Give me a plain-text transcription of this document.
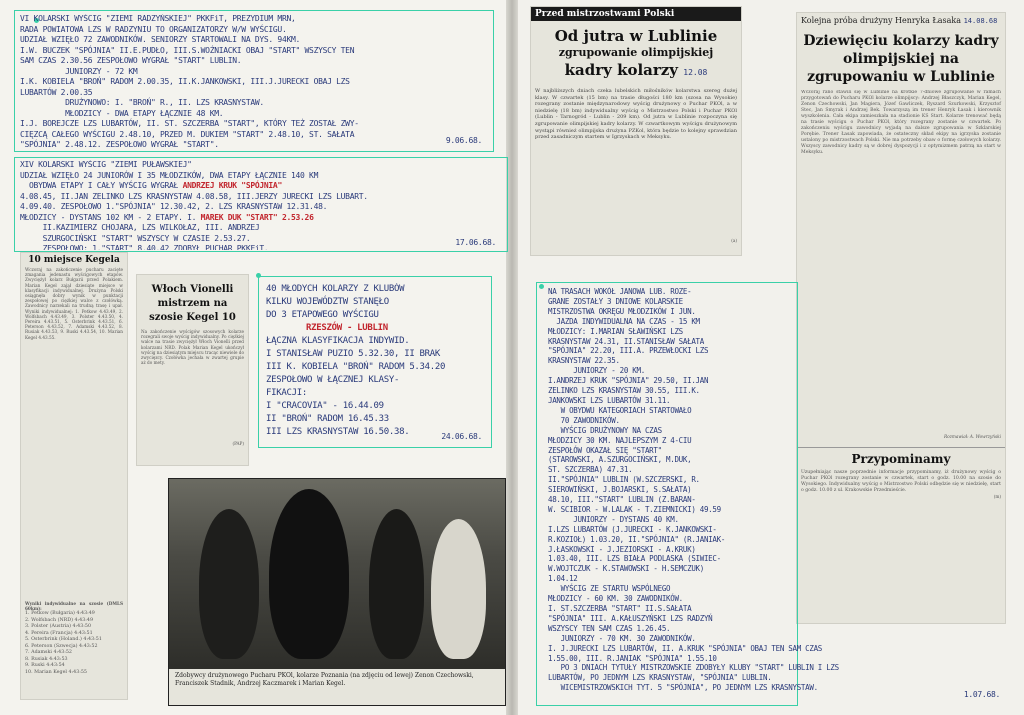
VI KOLARSKI WYŚCIG "ZIEMI RADZYŃSKIEJ" PKKFiT, PREZYDIUM MRN,
RADA POWIATOWA LZS W RADZYNIU TO ORGANIZATORZY W/W WYŚCIGU.
UDZIAŁ WZIĘŁO 72 ZAWODNIKÓW. SENIORZY STARTOWALI NA DYS. 94KM.
I.W. BUCZEK "SPÓJNIA" II.E.PUDŁO, III.S.WOŹNIACKI OBAJ "START" WSZYSCY TEN
SAM CZAS 2.30.56 ZESPOŁOWO WYGRAŁ "START" LUBLIN.
JUNIORZY - 72 KM
I.K. KOBIELA "BROŃ" RADOM 2.00.35, II.K.JANKOWSKI, III.J.JURECKI OBAJ LZS
LUBARTÓW 2.00.35
DRUŻYNOWO: I. "BROŃ" R., II. LZS KRASNYSTAW.
MŁODZICY - DWA ETAPY ŁĄCZNIE 48 KM.
I.J. BOREJCZE LZS LUBARTÓW, II. ST. SZCZERBA "START", KTÓRY TEŻ ZOSTAŁ ZWY-
CIĘZCĄ CAŁEGO WYŚCIGU 2.48.10, PRZED M. DUKIEM "START" 2.48.10, ST. SAŁATA
"SPÓJNIA" 2.48.12. ZESPOŁOWO WYGRAŁ "START".	9.06.68.
XIV KOLARSKI WYŚCIG "ZIEMI PUŁAWSKIEJ"
UDZIAŁ WZIĘŁO 24 JUNIORÓW I 35 MŁODZIKÓW, DWA ETAPY ŁĄCZNIE 140 KM
OBYDWA ETAPY I CAŁY WYŚCIG WYGRAŁ ANDRZEJ KRUK "SPÓJNIA"
4.08.45, II.JAN ZELINKO LZS KRASNYSTAW 4.08.58, III.JERZY JURECKI LZS LUBART.
4.09.40. ZESPOŁOWO 1."SPÓJNIA" 12.30.42, 2. LZS KRASNYSTAW 12.31.48.
MŁODZICY - DYSTANS 102 KM - 2 ETAPY. I. MAREK DUK "START" 2.53.26
II.KAZIMIERZ CHOJARA, LZS WILKOŁAZ, III. ANDRZEJ
SZURGOCIŃSKI "START" WSZYSCY W CZASIE 2.53.27.
ZESPOŁOWO: 1."START" 8.40.42 ZDOBYŁ PUCHAR PKKFiT.
17.06.68.
10 miejsce Kegela
Wczoraj na zakończenie pucharu zacięte zmagania jedenastu wyścigowych etapów. Zwyciężył kolarz Bułgarii przed Polakiem. Marian Kegel zajął dziesiąte miejsce w klasyfikacji indywidualnej. Drużyna Polski osiągnęła dobry wynik w punktacji zespołowej po ciężkiej walce z czołówką. Zawodnicy narzekali na trudną trasę i upał. Wyniki indywidualnej: 1. Petkow 4.43.49, 2. Wolfsbach 4.43.49, 3. Polster 4.43.50, 4. Pereira 4.43.51, 5. Osterbrink 4.43.51, 6. Peterson 4.43.52, 7. Adamski 4.43.52, 8. Rusiak 4.43.53, 9. Ruski 4.43.54, 10. Marian Kegel 4.43.55.
Wyniki indywidualne na szosie (DMLS 60km):
1. Petkow (Bułgaria) 4:43:49
2. Wolfsbach (NRD) 4:43:49
3. Polster (Austria) 4:43:50
4. Pereira (Francja) 4:43:51
5. Osterbrink (Holand.) 4:43:51
6. Peterson (Szwecja) 4:43:52
7. Adamski 4:43:52
8. Rusiak 4:43:53
9. Ruski 4:43:54
10. Marian Kegel 4:43:55
Włoch Vionelli mistrzem na szosie Kegel 10
Na zakończenie wyścigów szosowych kolarze rozegrali swoje wyścig indywidualny. Po ciężkiej walce na trasie zwyciężył Włoch Vionelli przed kolarzami NRD. Polak Marian Kegel ukończył wyścig na dziesiątym miejscu tracąc niewiele do zwycięzcy. Czołówka jechała w zwartej grupie aż do mety.
(PAP)
40 MŁODYCH KOLARZY Z KLUBÓW
KILKU WOJEWÓDZTW STANĘŁO
DO 3 ETAPOWEGO WYŚCIGU
RZESZÓW - LUBLIN
ŁĄCZNA KLASYFIKACJA INDYWID.
I STANISŁAW PUZIO 5.32.30, II BRAK
III K. KOBIELA "BROŃ" RADOM 5.34.20
ZESPOŁOWO W ŁĄCZNEJ KLASY-
FIKACJI:
I "CRACOVIA" - 16.44.09
II "BROŃ" RADOM 16.45.33
III LZS KRASNYSTAW 16.50.38.	24.06.68.
Zdobywcy drużynowego Pucharu PKOl, kolarze Poznania (na zdjęciu od lewej) Zenon Czechowski, Franciszek Stadnik, Andrzej Kaczmarek i Marian Kegel.
Przed mistrzostwami Polski
Od jutra w Lublinie
zgrupowanie olimpijskiej
kadry kolarzy 12.08
W najbliższych dniach czeka lubelskich miłośników kolarstwa szereg dużej klasy. W czwartek (15 bm) na trasie długości 180 km (szosa na Wysokie) rozegrany zostanie międzynarodowy wyścig drużynowy o Puchar PKOl, a w niedzielę (18 bm) indywidualny wyścig o Mistrzostwo Polski i Puchar PKOl (Lublin - Tarnogród - Lublin - 209 km). Od jutra w Lublinie rozpoczyna się zgrupowanie olimpijskiej kadry kolarzy. W czwartkowym wyścigu drużynowym wystąpi również olimpijska drużyna PZKol, która będzie to kolejny sprawdzian przed zasadniczym startem w Igrzyskach w Meksyku.
(a)
Kolejna próba drużyny Henryka Łasaka 14.08.68
Dziewięciu kolarzy kadry olimpijskiej na zgrupowaniu w Lublinie
Wczoraj rano stawili się w Lublinie na krótkie 7-dniowe zgrupowanie w ramach przygotowań do Pucharu PKOl kolarze olimpijscy: Andrzej Błaszczyk, Marian Kegel, Zenon Czechowski, Jan Magiera, Józef Gawliczek, Ryszard Szurkowski, Krzysztof Stec, Jan Smyrak i Andrzej Bek. Towarzyszą im trener Henryk Łasak i kierownik wyszkolenia. Cała ekipa zamieszkała na stadionie KS Start. Kolarze trenować będą na trasie wyścigu o Puchar PKOl, który rozegrany zostanie w czwartek. Po zakończeniu wyścigu zawodnicy wyjadą na dalsze zgrupowania w Szklarskiej Porębie. Trener Łasak zapowiada, że ostateczny skład ekipy na igrzyska zostanie ustalony po mistrzostwach Polski. Nie ma potrzeby obaw o formę czołowych kolarzy. Wszyscy zawodnicy kadry są w dobrej dyspozycji i z optymizmem patrzą na start w Meksyku.
Rozmawiał: A. Wowrzyński
Przypominamy
Uzupełniając nasze poprzednie informacje przypominamy, iż drużynowy wyścig o Puchar PKOl rozegrany zostanie w czwartek, start o godz. 10.00 na szosie do Wysokiego. Indywidualny wyścig o Mistrzostwo Polski odbędzie się w niedzielę, start o godz. 10.00 z ul. Krakowskie Przedmieście.
(m)
NA TRASACH WOKÓŁ JANOWA LUB. ROZE-
GRANE ZOSTAŁY 3 DNIOWE KOLARSKIE
MISTRZOSTWA OKRĘGU MŁODZIKÓW I JUN.
JAZDA INDYWIDUALNA NA CZAS - 15 KM
MŁODZICY: I.MARIAN SŁAWIŃSKI LZS
KRASNYSTAW 24.31, II.STANISŁAW SAŁATA
"SPÓJNIA" 22.20, III.A. PRZEWŁOCKI LZS
KRASNYSTAW 22.35.
JUNIORZY - 20 KM.
I.ANDRZEJ KRUK "SPÓJNIA" 29.50, II.JAN
ZELINKO LZS KRASNYSTAW 30.55, III.K.
JANKOWSKI LZS LUBARTÓW 31.11.
W OBYDWU KATEGORIACH STARTOWAŁO
70 ZAWODNIKÓW.
WYŚCIG DRUŻYNOWY NA CZAS
MŁODZICY 30 KM. NAJLEPSZYM Z 4-CIU
ZESPOŁÓW OKAZAŁ SIĘ "START"
(STAROWSKI, A.SZURGOCIŃSKI, M.DUK,
ST. SZCZERBA) 47.31.
II."SPÓJNIA" LUBLIN (W.SZCZERSKI, R.
SIEROWIŃSKI, J.BOJARSKI, S.SAŁATA)
48.10, III."START" LUBLIN (Z.BARAN-
W. SCIBIOR - W.LALAK - T.ZIEMNICKI) 49.59
JUNIORZY - DYSTANS 40 KM.
I.LZS LUBARTÓW (J.JURECKI - K.JANKOWSKI-
R.KOZIOŁ) 1.03.20, II."SPÓJNIA" (R.JANIAK-
J.ŁASKOWSKI - J.JEZIORSKI - A.KRUK)
1.03.40, III. LZS BIAŁA PODLASKA (SIWIEC-
W.WOJTCZUK - K.STAWOWSKI - H.SEMCZUK)
1.04.12
WYŚCIG ZE STARTU WSPÓLNEGO
MŁODZICY - 60 KM. 30 ZAWODNIKÓW.
I. ST.SZCZERBA "START" II.S.SAŁATA
"SPÓJNIA" III. A.KAŁUSZYŃSKI LZS RADZYŃ
WSZYSCY TEN SAM CZAS 1.26.45.
JUNIORZY - 70 KM. 30 ZAWODNIKÓW.
I. J.JURECKI LZS LUBARTÓW, II. A.KRUK "SPÓJNIA" OBAJ TEN SAM CZAS
1.55.00, III. R.JANIAK "SPÓJNIA" 1.55.10
PO 3 DNIACH TYTUŁY MISTRZOWSKIE ZDOBYŁY KLUBY "START" LUBLIN I LZS
LUBARTÓW, PO JEDNYM LZS KRASNYSTAW, "SPÓJNIA" LUBLIN.
WICEMISTRZOWSKICH TYT. 5 "SPÓJNIA", PO JEDNYM LZS KRASNYSTAW.
1.07.68.
